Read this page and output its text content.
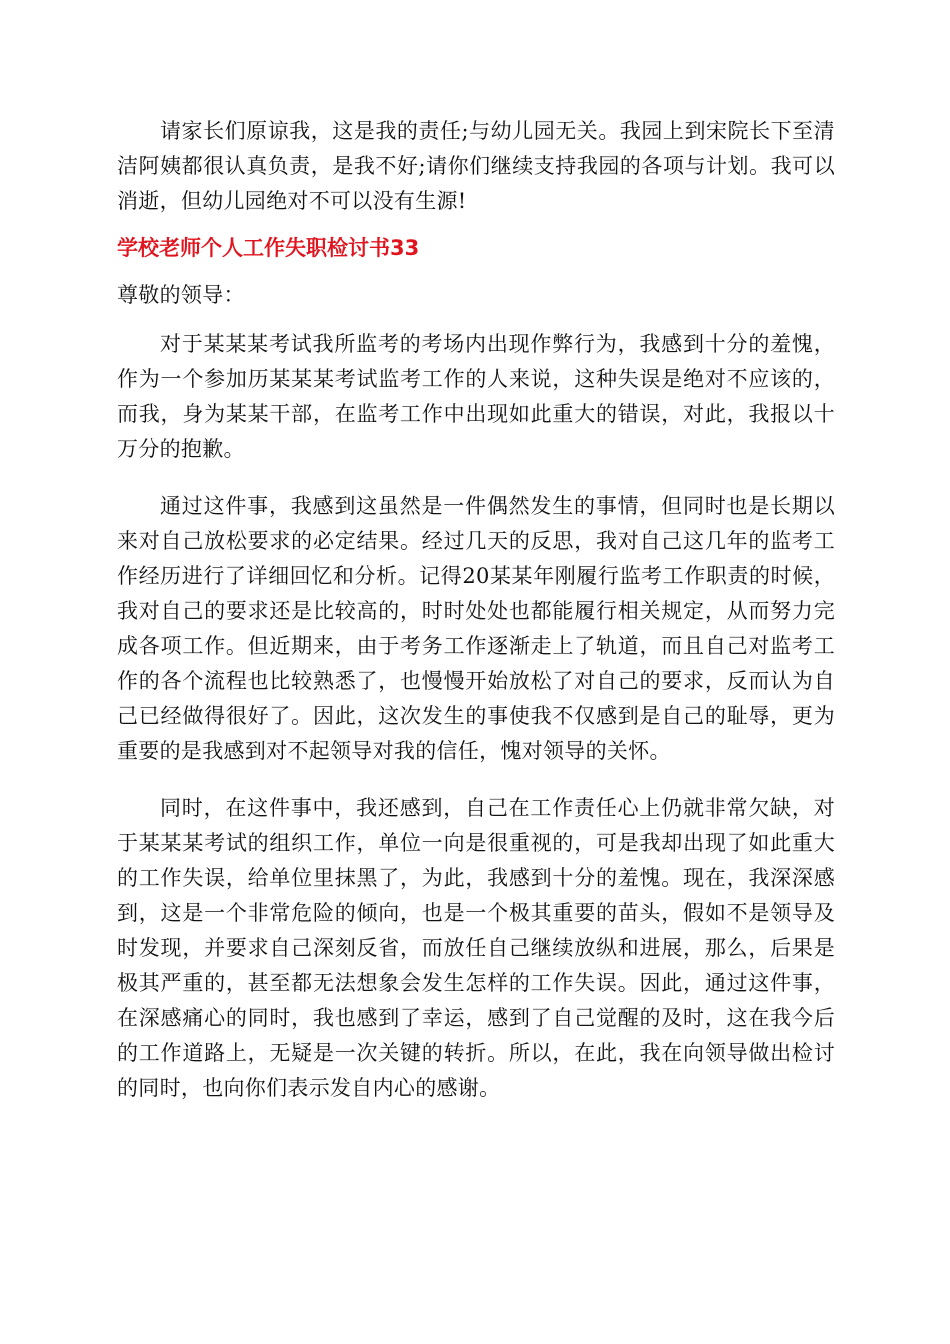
请家长们原谅我，这是我的责任;与幼儿园无关。我园上到宋院长下至清洁阿姨都很认真负责，是我不好;请你们继续支持我园的各项与计划。我可以消逝，但幼儿园绝对不可以没有生源!

学校老师个人工作失职检讨书33

尊敬的领导：

对于某某某考试我所监考的考场内出现作弊行为，我感到十分的羞愧，作为一个参加历某某某考试监考工作的人来说，这种失误是绝对不应该的，而我，身为某某干部，在监考工作中出现如此重大的错误，对此，我报以十万分的抱歉。

通过这件事，我感到这虽然是一件偶然发生的事情，但同时也是长期以来对自己放松要求的必定结果。经过几天的反思，我对自己这几年的监考工作经历进行了详细回忆和分析。记得20某某年刚履行监考工作职责的时候，我对自己的要求还是比较高的，时时处处也都能履行相关规定，从而努力完成各项工作。但近期来，由于考务工作逐渐走上了轨道，而且自己对监考工作的各个流程也比较熟悉了，也慢慢开始放松了对自己的要求，反而认为自己已经做得很好了。因此，这次发生的事使我不仅感到是自己的耻辱，更为重要的是我感到对不起领导对我的信任，愧对领导的关怀。

同时，在这件事中，我还感到，自己在工作责任心上仍就非常欠缺，对于某某某考试的组织工作，单位一向是很重视的，可是我却出现了如此重大的工作失误，给单位里抹黑了，为此，我感到十分的羞愧。现在，我深深感到，这是一个非常危险的倾向，也是一个极其重要的苗头，假如不是领导及时发现，并要求自己深刻反省，而放任自己继续放纵和进展，那么，后果是极其严重的，甚至都无法想象会发生怎样的工作失误。因此，通过这件事，在深感痛心的同时，我也感到了幸运，感到了自己觉醒的及时，这在我今后的工作道路上，无疑是一次关键的转折。所以，在此，我在向领导做出检讨的同时，也向你们表示发自内心的感谢。
